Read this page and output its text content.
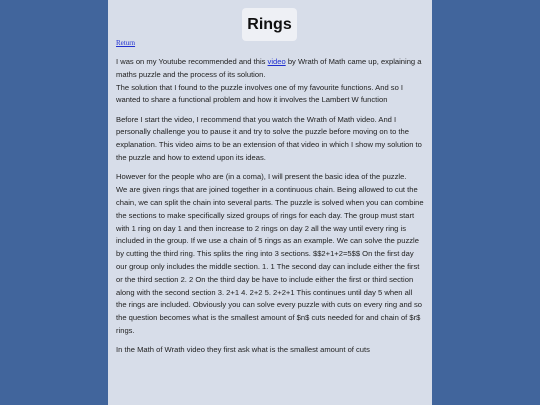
Rings
Return

I was on my Youtube recommended and this video by Wrath of Math came up, explaining a maths puzzle and the process of its solution.
The solution that I found to the puzzle involves one of my favourite functions. And so I wanted to share a functional problem and how it involves the Lambert W function

Before I start the video, I recommend that you watch the Wrath of Math video. And I personally challenge you to pause it and try to solve the puzzle before moving on to the explanation. This video aims to be an extension of that video in which I show my solution to the puzzle and how to extend upon its ideas.

However for the people who are (in a coma), I will present the basic idea of the puzzle.
We are given rings that are joined together in a continuous chain. Being allowed to cut the chain, we can split the chain into several parts. The puzzle is solved when you can combine the sections to make specifically sized groups of rings for each day. The group must start with 1 ring on day 1 and then increase to 2 rings on day 2 all the way until every ring is included in the group. If we use a chain of 5 rings as an example. We can solve the puzzle by cutting the third ring. This splits the ring into 3 sections. $$2+1+2=5$$ On the first day our group only includes the middle section. 1. 1 The second day can include either the first or the third section 2. 2 On the third day be have to include either the first or third section along with the second section 3. 2+1 4. 2+2 5. 2+2+1 This continues until day 5 when all the rings are included. Obviously you can solve every puzzle with cuts on every ring and so the question becomes what is the smallest amount of $n$ cuts needed for and chain of $r$ rings.

In the Math of Wrath video they first ask what is the smallest amount of cuts
